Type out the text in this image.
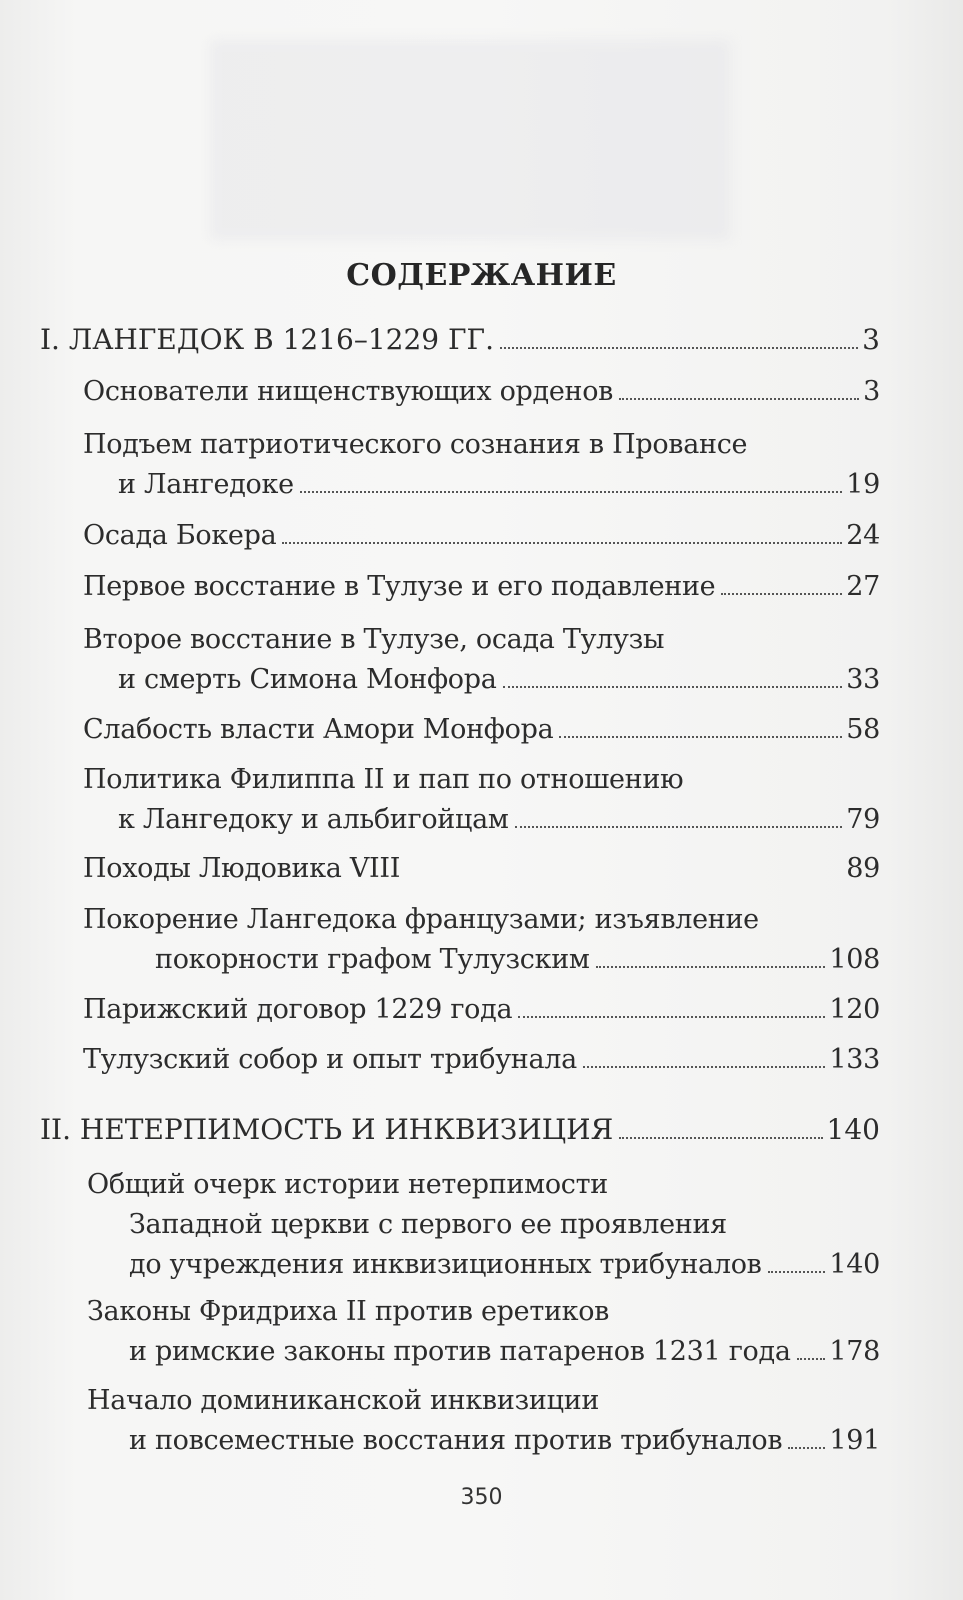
СОДЕРЖАНИЕ
I. ЛАНГЕДОК В 1216–1229 ГГ.	3
Основатели нищенствующих орденов	3
Подъем патриотического сознания в Провансе
и Лангедоке	19
Осада Бокера	24
Первое восстание в Тулузе и его подавление	27
Второе восстание в Тулузе, осада Тулузы
и смерть Симона Монфора	33
Слабость власти Амори Монфора	58
Политика Филиппа II и пап по отношению
к Лангедоку и альбигойцам	79
Походы Людовика VIII	89
Покорение Лангедока французами; изъявление
покорности графом Тулузским	108
Парижский договор 1229 года	120
Тулузский собор и опыт трибунала	133
II. НЕТЕРПИМОСТЬ И ИНКВИЗИЦИЯ	140
Общий очерк истории нетерпимости
Западной церкви с первого ее проявления
до учреждения инквизиционных трибуналов	140
Законы Фридриха II против еретиков
и римские законы против патаренов 1231 года 178
Начало доминиканской инквизиции
и повсеместные восстания против трибуналов 191
350
